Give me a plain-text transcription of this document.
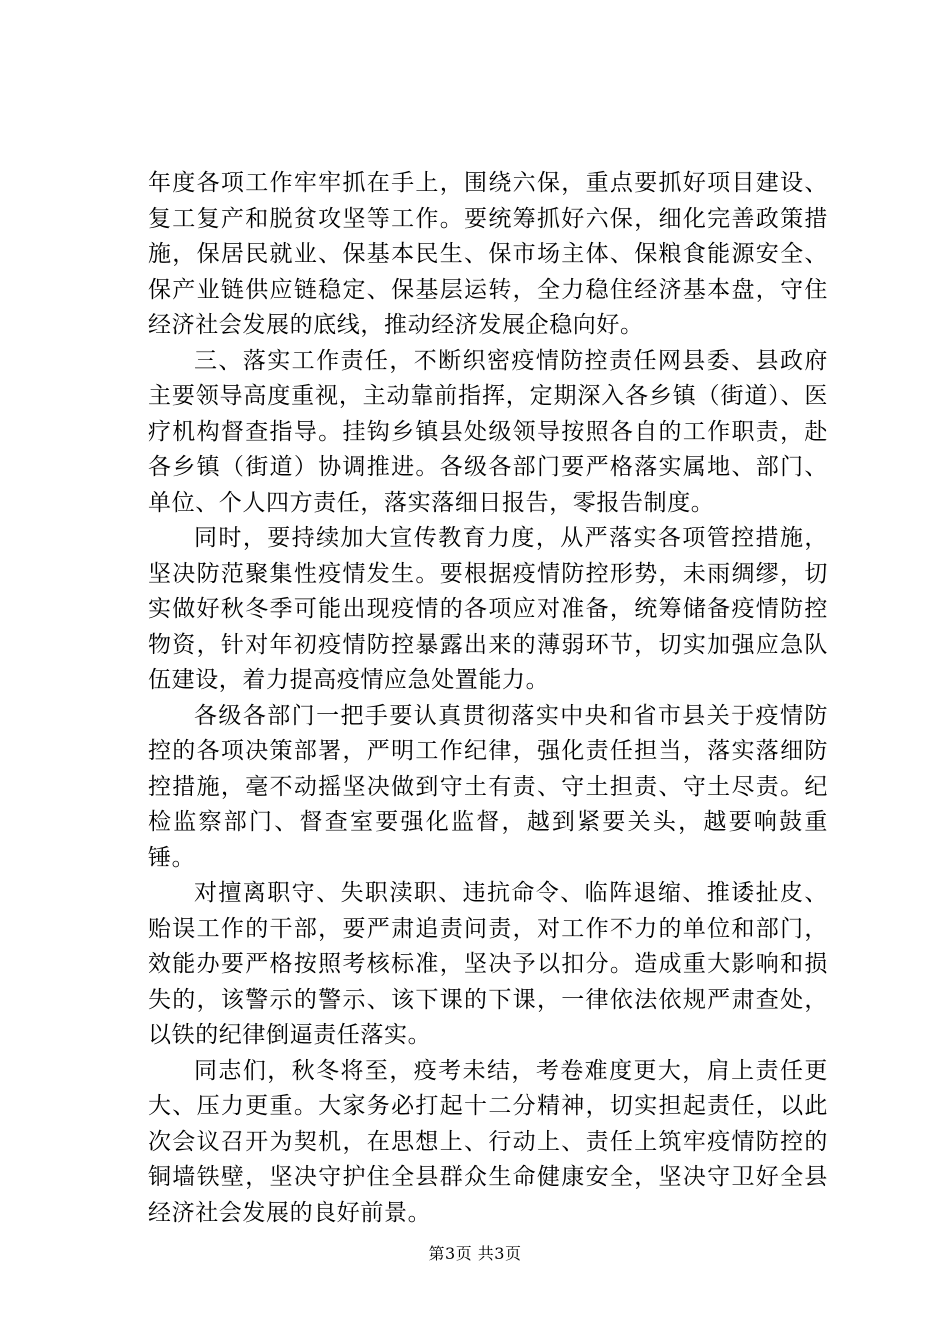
年度各项工作牢牢抓在手上，围绕六保，重点要抓好项目建设、复工复产和脱贫攻坚等工作。要统筹抓好六保，细化完善政策措施，保居民就业、保基本民生、保市场主体、保粮食能源安全、保产业链供应链稳定、保基层运转，全力稳住经济基本盘，守住经济社会发展的底线，推动经济发展企稳向好。

三、落实工作责任，不断织密疫情防控责任网县委、县政府主要领导高度重视，主动靠前指挥，定期深入各乡镇（街道）、医疗机构督查指导。挂钩乡镇县处级领导按照各自的工作职责，赴各乡镇（街道）协调推进。各级各部门要严格落实属地、部门、单位、个人四方责任，落实落细日报告，零报告制度。

同时，要持续加大宣传教育力度，从严落实各项管控措施，坚决防范聚集性疫情发生。要根据疫情防控形势，未雨绸缪，切实做好秋冬季可能出现疫情的各项应对准备，统筹储备疫情防控物资，针对年初疫情防控暴露出来的薄弱环节，切实加强应急队伍建设，着力提高疫情应急处置能力。

各级各部门一把手要认真贯彻落实中央和省市县关于疫情防控的各项决策部署，严明工作纪律，强化责任担当，落实落细防控措施，毫不动摇坚决做到守土有责、守土担责、守土尽责。纪检监察部门、督查室要强化监督，越到紧要关头，越要响鼓重锤。

对擅离职守、失职渎职、违抗命令、临阵退缩、推诿扯皮、贻误工作的干部，要严肃追责问责，对工作不力的单位和部门，效能办要严格按照考核标准，坚决予以扣分。造成重大影响和损失的，该警示的警示、该下课的下课，一律依法依规严肃查处，以铁的纪律倒逼责任落实。

同志们，秋冬将至，疫考未结，考卷难度更大，肩上责任更大、压力更重。大家务必打起十二分精神，切实担起责任，以此次会议召开为契机，在思想上、行动上、责任上筑牢疫情防控的铜墙铁壁，坚决守护住全县群众生命健康安全，坚决守卫好全县经济社会发展的良好前景。

第3页 共3页
